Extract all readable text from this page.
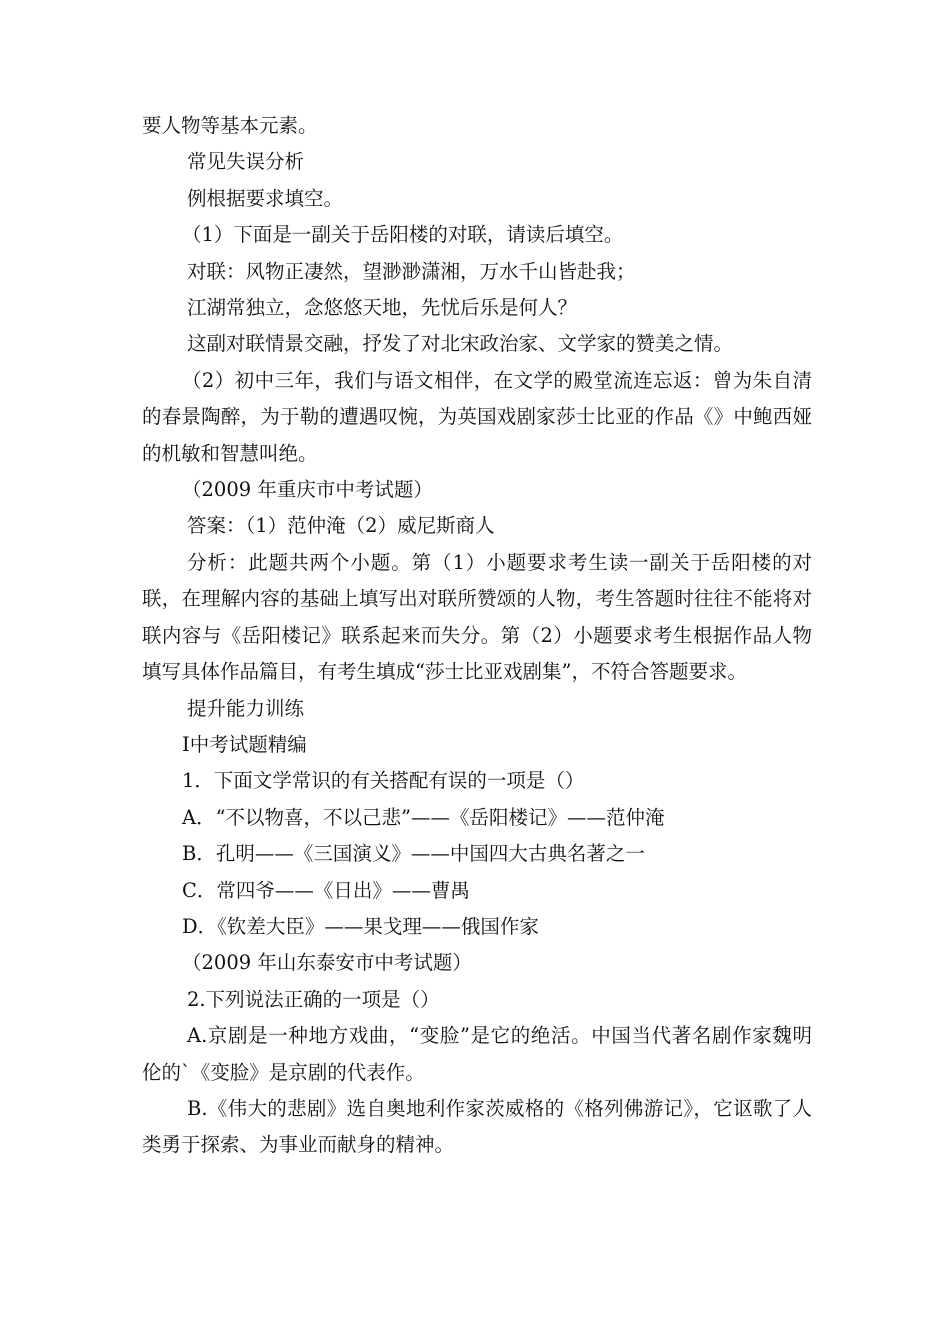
要人物等基本元素。

常见失误分析

例根据要求填空。

（1）下面是一副关于岳阳楼的对联，请读后填空。

对联：风物正凄然，望渺渺潇湘，万水千山皆赴我；

江湖常独立，念悠悠天地，先忧后乐是何人？

这副对联情景交融，抒发了对北宋政治家、文学家的赞美之情。

（2）初中三年，我们与语文相伴，在文学的殿堂流连忘返：曾为朱自清的春景陶醉，为于勒的遭遇叹惋，为英国戏剧家莎士比亚的作品《》中鲍西娅的机敏和智慧叫绝。

（2009 年重庆市中考试题）

答案：（1）范仲淹（2）威尼斯商人

分析：此题共两个小题。第（1）小题要求考生读一副关于岳阳楼的对联，在理解内容的基础上填写出对联所赞颂的人物，考生答题时往往不能将对联内容与《岳阳楼记》联系起来而失分。第（2）小题要求考生根据作品人物填写具体作品篇目，有考生填成“莎士比亚戏剧集”，不符合答题要求。

提升能力训练

Ⅰ中考试题精编

1．下面文学常识的有关搭配有误的一项是（）

A．“不以物喜，不以己悲”——《岳阳楼记》——范仲淹

B．孔明——《三国演义》——中国四大古典名著之一

C．常四爷——《日出》——曹禺

D．《钦差大臣》——果戈理——俄国作家

（2009 年山东泰安市中考试题）

2.下列说法正确的一项是（）

A.京剧是一种地方戏曲，“变脸”是它的绝活。中国当代著名剧作家魏明伦的`《变脸》是京剧的代表作。

B.《伟大的悲剧》选自奥地利作家茨威格的《格列佛游记》，它讴歌了人类勇于探索、为事业而献身的精神。
